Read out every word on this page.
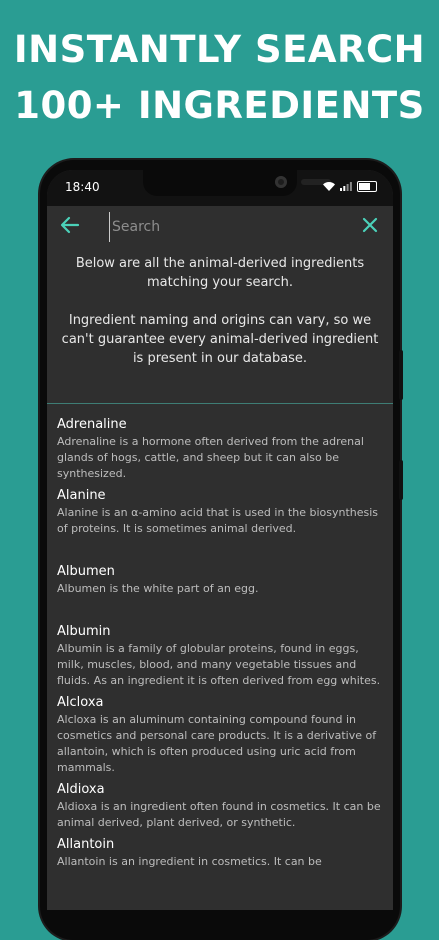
INSTANTLY SEARCH
100+ INGREDIENTS
18:40
Search

Below are all the animal-derived ingredients matching your search.

Ingredient naming and origins can vary, so we can't guarantee every animal-derived ingredient is present in our database.

Adrenaline
Adrenaline is a hormone often derived from the adrenal glands of hogs, cattle, and sheep but it can also be synthesized.
Alanine
Alanine is an α-amino acid that is used in the biosynthesis of proteins. It is sometimes animal derived.
Albumen
Albumen is the white part of an egg.
Albumin
Albumin is a family of globular proteins, found in eggs, milk, muscles, blood, and many vegetable tissues and fluids. As an ingredient it is often derived from egg whites.
Alcloxa
Alcloxa is an aluminum containing compound found in cosmetics and personal care products. It is a derivative of allantoin, which is often produced using uric acid from mammals.
Aldioxa
Aldioxa is an ingredient often found in cosmetics. It can be animal derived, plant derived, or synthetic.
Allantoin
Allantoin is an ingredient in cosmetics. It can be
